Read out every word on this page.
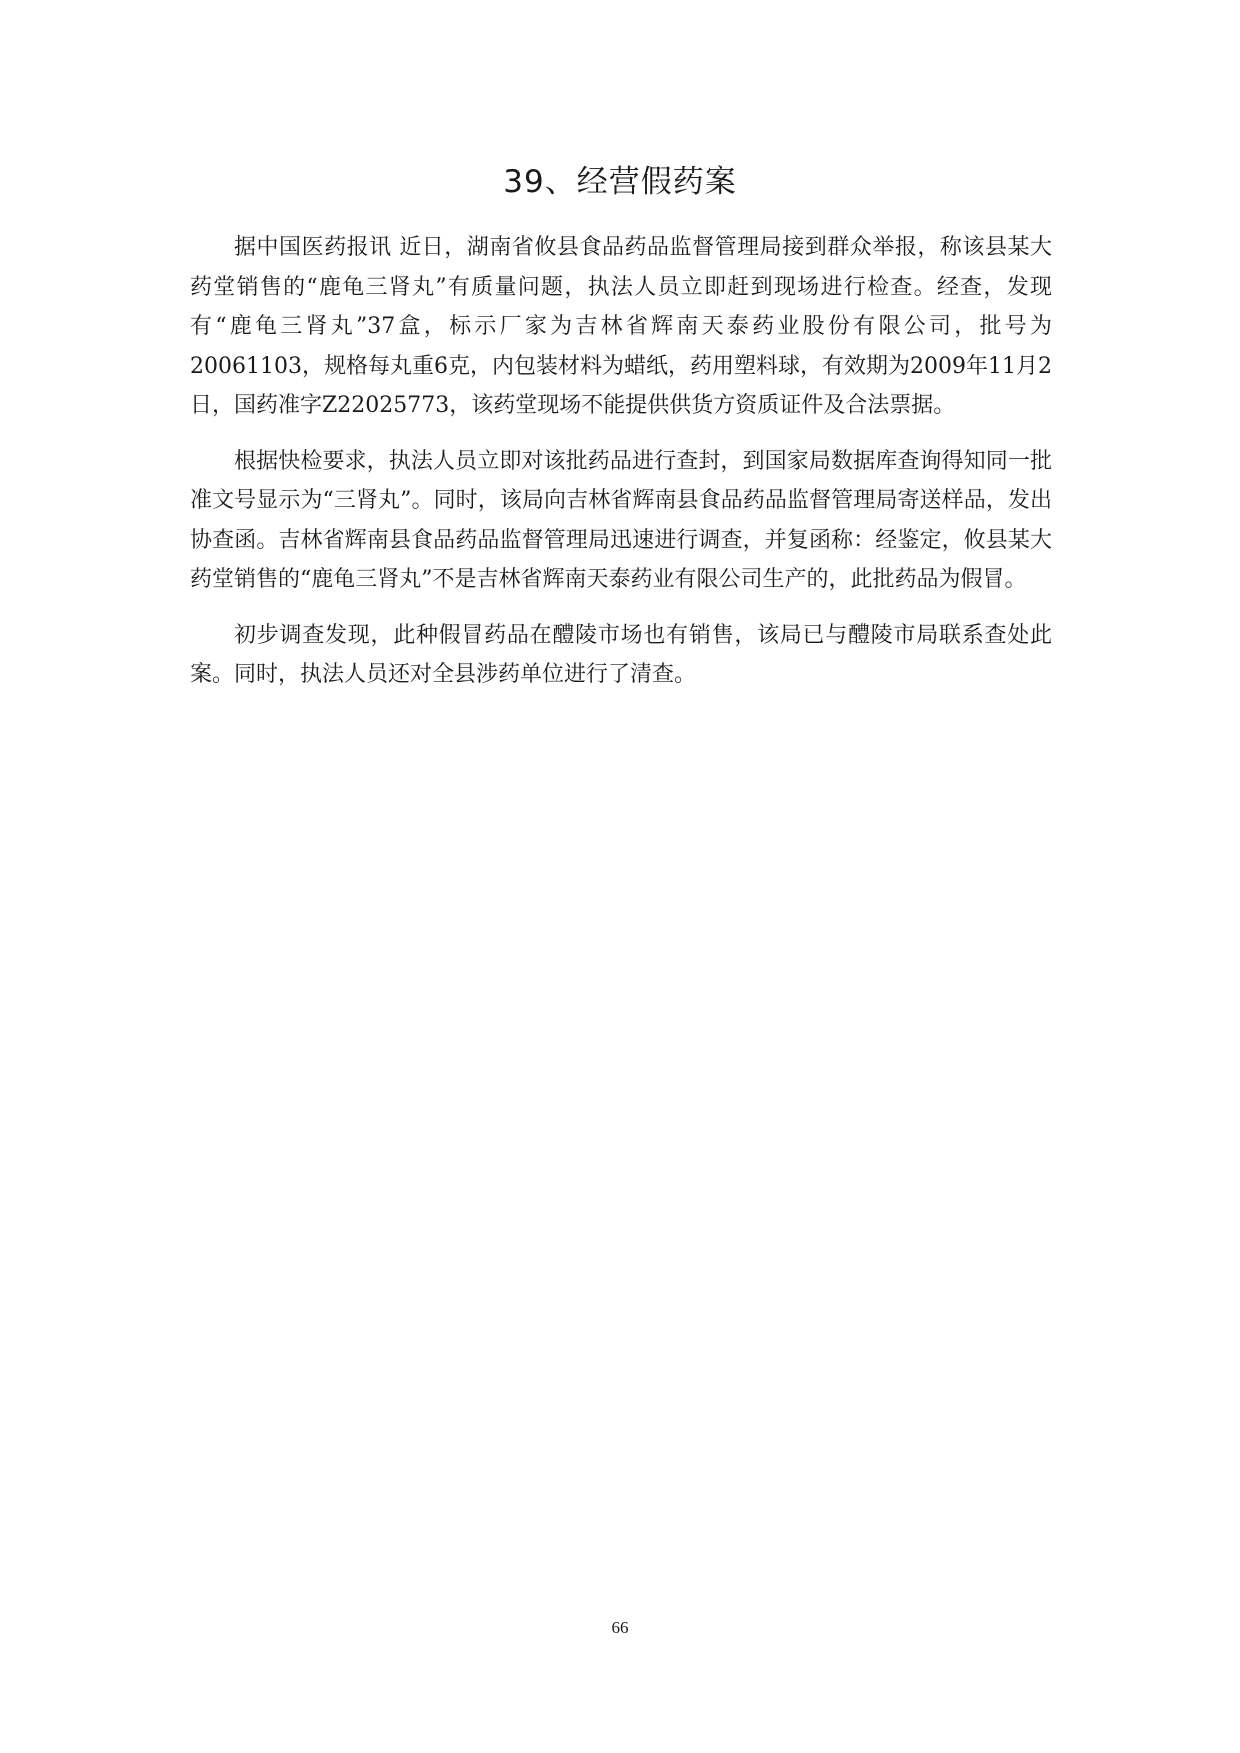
39、经营假药案

据中国医药报讯 近日，湖南省攸县食品药品监督管理局接到群众举报，称该县某大药堂销售的“鹿龟三肾丸”有质量问题，执法人员立即赶到现场进行检查。经查，发现有“鹿龟三肾丸”37盒，标示厂家为吉林省辉南天泰药业股份有限公司，批号为20061103，规格每丸重6克，内包装材料为蜡纸，药用塑料球，有效期为2009年11月2日，国药准字Z22025773，该药堂现场不能提供供货方资质证件及合法票据。

根据快检要求，执法人员立即对该批药品进行查封，到国家局数据库查询得知同一批准文号显示为“三肾丸”。同时，该局向吉林省辉南县食品药品监督管理局寄送样品，发出协查函。吉林省辉南县食品药品监督管理局迅速进行调查，并复函称：经鉴定，攸县某大药堂销售的“鹿龟三肾丸”不是吉林省辉南天泰药业有限公司生产的，此批药品为假冒。

初步调查发现，此种假冒药品在醴陵市场也有销售，该局已与醴陵市局联系查处此案。同时，执法人员还对全县涉药单位进行了清查。

66
